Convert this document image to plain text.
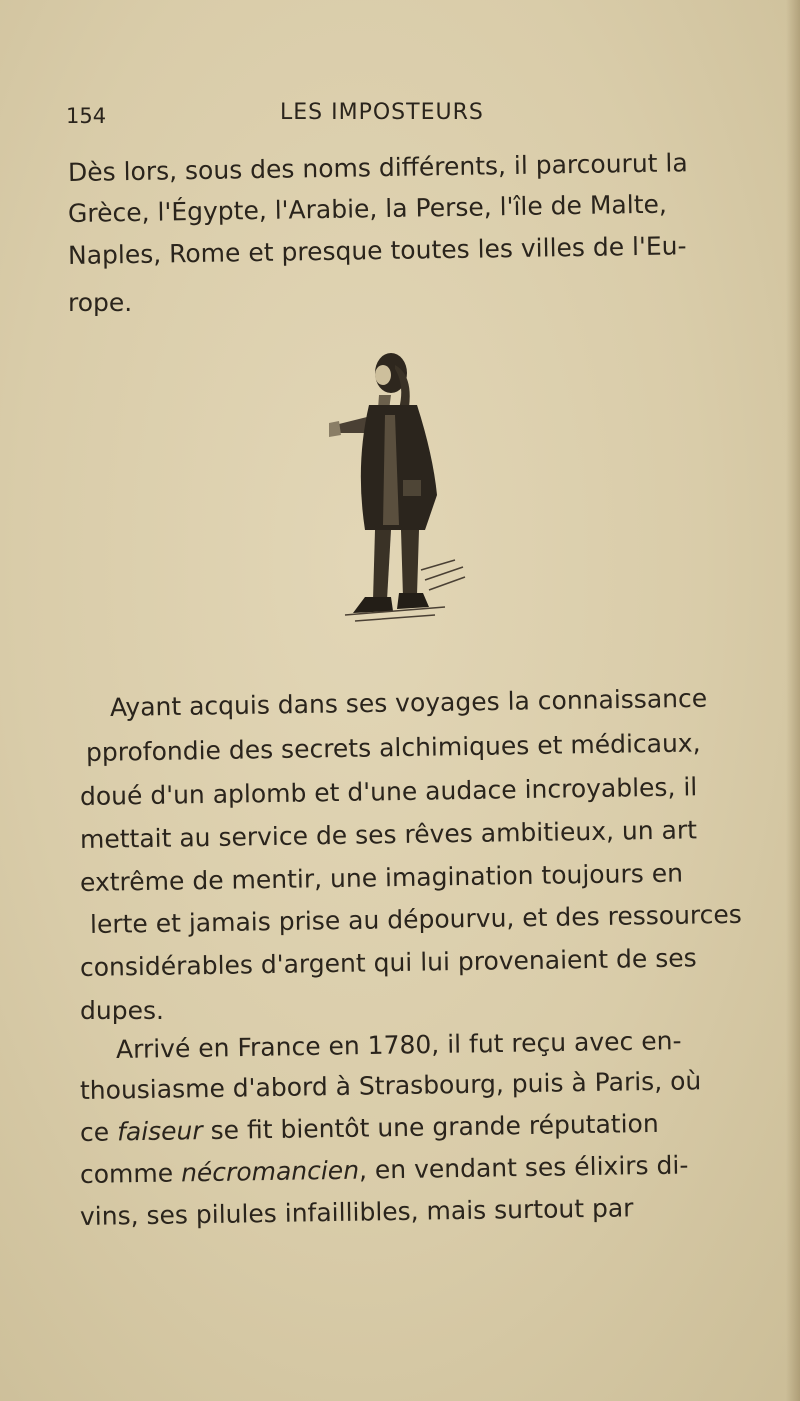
154	LES IMPOSTEURS
Dès lors, sous des noms différents, il parcourut la
Grèce, l'Égypte, l'Arabie, la Perse, l'île de Malte,
Naples, Rome et presque toutes les villes de l'Eu-
rope.
Ayant acquis dans ses voyages la connaissance
pprofondie des secrets alchimiques et médicaux,
doué d'un aplomb et d'une audace incroyables, il
mettait au service de ses rêves ambitieux, un art
extrême de mentir, une imagination toujours en
lerte et jamais prise au dépourvu, et des ressources
considérables d'argent qui lui provenaient de ses
dupes.
Arrivé en France en 1780, il fut reçu avec en-
thousiasme d'abord à Strasbourg, puis à Paris, où
ce faiseur se fit bientôt une grande réputation
comme nécromancien, en vendant ses élixirs di-
vins, ses pilules infaillibles, mais surtout par
